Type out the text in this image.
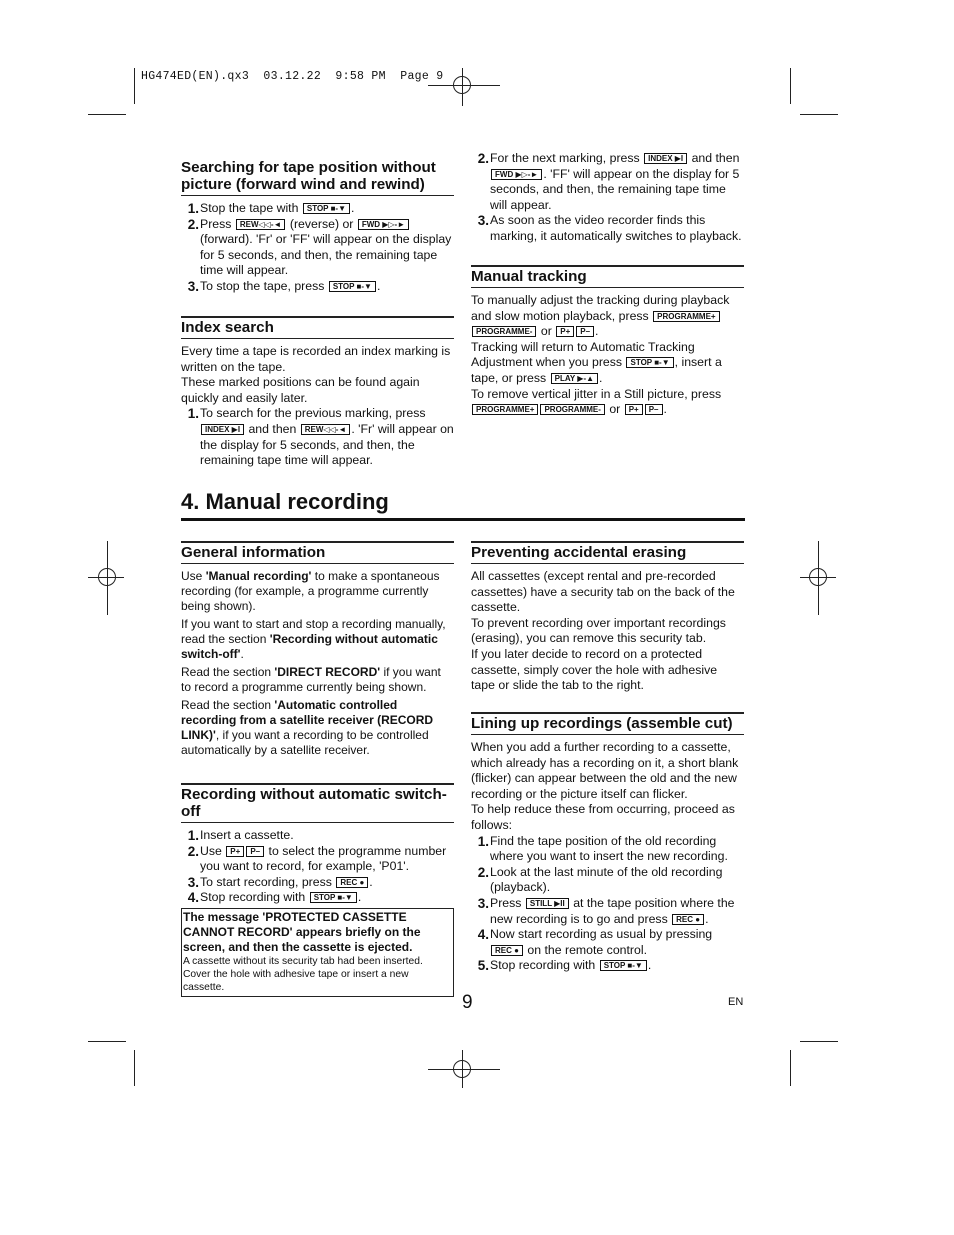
HG474ED(EN).qx3  03.12.22  9:58 PM  Page 9
Searching for tape position without picture (forward wind and rewind)
1. Stop the tape with STOP ■-▼ .
2. Press REW◁◁-◄ (reverse) or FWD ▶▷-► (forward). 'Fr' or 'FF' will appear on the display for 5 seconds, and then, the remaining tape time will appear.
3. To stop the tape, press STOP ■-▼ .
Index search

Every time a tape is recorded an index marking is written on the tape.

These marked positions can be found again quickly and easily later.

1. To search for the previous marking, press INDEX ▶I and then REW◁◁-◄ . 'Fr' will appear on the display for 5 seconds, and then, the remaining tape time will appear.
2. For the next marking, press INDEX ▶I and then FWD ▶▷-► . 'FF' will appear on the display for 5 seconds, and then, the remaining tape time will appear.
3. As soon as the video recorder finds this marking, it automatically switches to playback.
Manual tracking

To manually adjust the tracking during playback and slow motion playback, press PROGRAMME+ PROGRAMME- or P+ P– .

Tracking will return to Automatic Tracking Adjustment when you press STOP ■-▼ , insert a tape, or press PLAY ▶-▲ .

To remove vertical jitter in a Still picture, press PROGRAMME+ PROGRAMME- or P+ P– .

4. Manual recording
General information

Use 'Manual recording' to make a spontaneous recording (for example, a programme currently being shown).

If you want to start and stop a recording manually, read the section 'Recording without automatic switch-off'.

Read the section 'DIRECT RECORD' if you want to record a programme currently being shown.

Read the section 'Automatic controlled recording from a satellite receiver (RECORD LINK)', if you want a recording to be controlled automatically by a satellite receiver.

Recording without automatic switch-off
1. Insert a cassette.
2. Use P+ P– to select the programme number you want to record, for example, 'P01'.
3. To start recording, press REC ● .
4. Stop recording with STOP ■-▼ .
The message 'PROTECTED CASSETTE CANNOT RECORD' appears briefly on the screen, and then the cassette is ejected.
A cassette without its security tab had been inserted. Cover the hole with adhesive tape or insert a new cassette.
Preventing accidental erasing

All cassettes (except rental and pre-recorded cassettes) have a security tab on the back of the cassette.

To prevent recording over important recordings (erasing), you can remove this security tab.

If you later decide to record on a protected cassette, simply cover the hole with adhesive tape or slide the tab to the right.

Lining up recordings (assemble cut)

When you add a further recording to a cassette, which already has a recording on it, a short blank (flicker) can appear between the old and the new recording or the picture itself can flicker.

To help reduce these from occurring, proceed as follows:

1. Find the tape position of the old recording where you want to insert the new recording.
2. Look at the last minute of the old recording (playback).
3. Press STILL ▶II at the tape position where the new recording is to go and press REC ● .
4. Now start recording as usual by pressing REC ● on the remote control.
5. Stop recording with STOP ■-▼ .
9	EN
